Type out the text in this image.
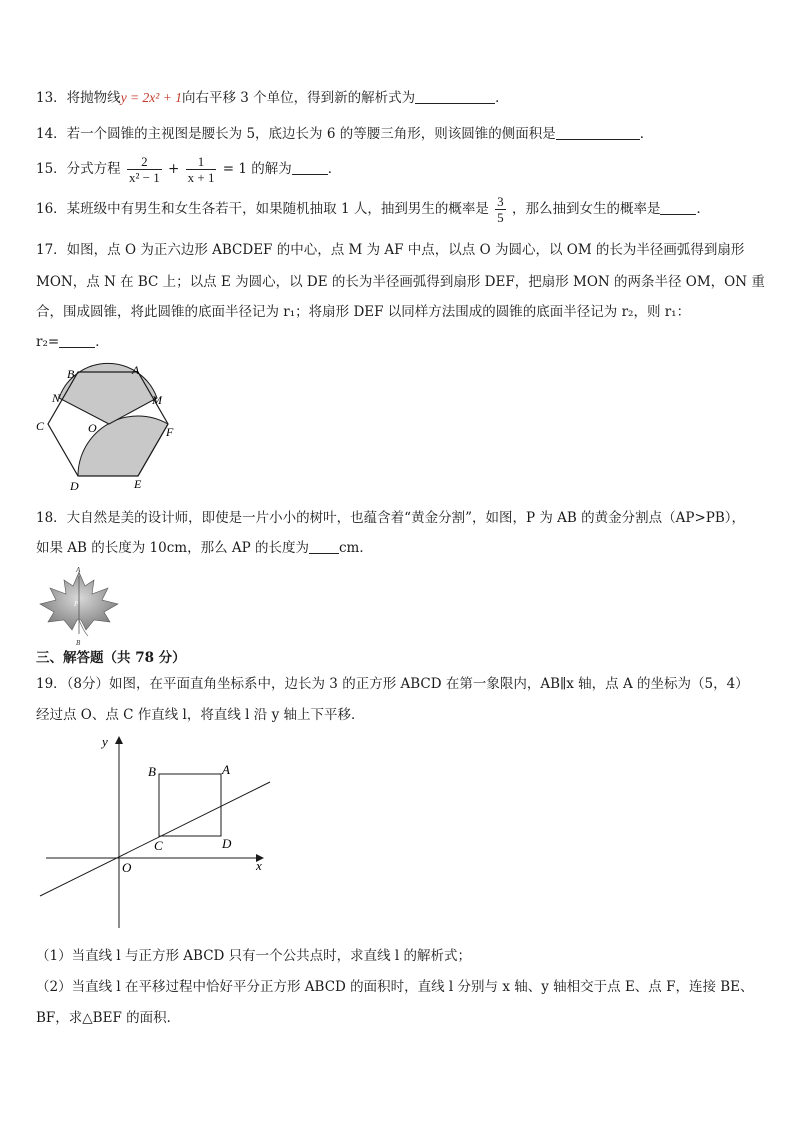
13．将抛物线y = 2x² + 1向右平移 3 个单位，得到新的解析式为	．
14．若一个圆锥的主视图是腰长为 5，底边长为 6 的等腰三角形，则该圆锥的侧面积是	．
15．分式方程 $\frac{2}{\text{x² − 1}} + \frac{1}{x + 1} = 1$ 的解为	．
16．某班级中有男生和女生各若干，如果随机抽取 1 人，抽到男生的概率是 $\frac{3}{5}$ ，那么抽到女生的概率是	．
17．如图，点 O 为正六边形 ABCDEF 的中心，点 M 为 AF 中点，以点 O 为圆心，以 OM 的长为半径画弧得到扇形
MON，点 N 在 BC 上；以点 E 为圆心，以 DE 的长为半径画弧得到扇形 DEF，把扇形 MON 的两条半径 OM，ON 重
合，围成圆锥，将此圆锥的底面半径记为 r₁；将扇形 DEF 以同样方法围成的圆锥的底面半径记为 r₂，则 r₁：
r₂=	．
B	A
N	M
C	O	F
D	E
18．大自然是美的设计师，即使是一片小小的树叶，也蕴含着“黄金分割”，如图，P 为 AB 的黄金分割点（AP>PB），
如果 AB 的长度为 10cm，那么 AP 的长度为 cm．
A
P
B
三、解答题（共 78 分）
19．（8分）如图，在平面直角坐标系中，边长为 3 的正方形 ABCD 在第一象限内，AB∥x 轴，点 A 的坐标为（5，4）
经过点 O、点 C 作直线 l，将直线 l 沿 y 轴上下平移．
y
x
O
B	A
C	D
（1）当直线 l 与正方形 ABCD 只有一个公共点时，求直线 l 的解析式；
（2）当直线 l 在平移过程中恰好平分正方形 ABCD 的面积时，直线 l 分别与 x 轴、y 轴相交于点 E、点 F，连接 BE、
BF，求△BEF 的面积．
